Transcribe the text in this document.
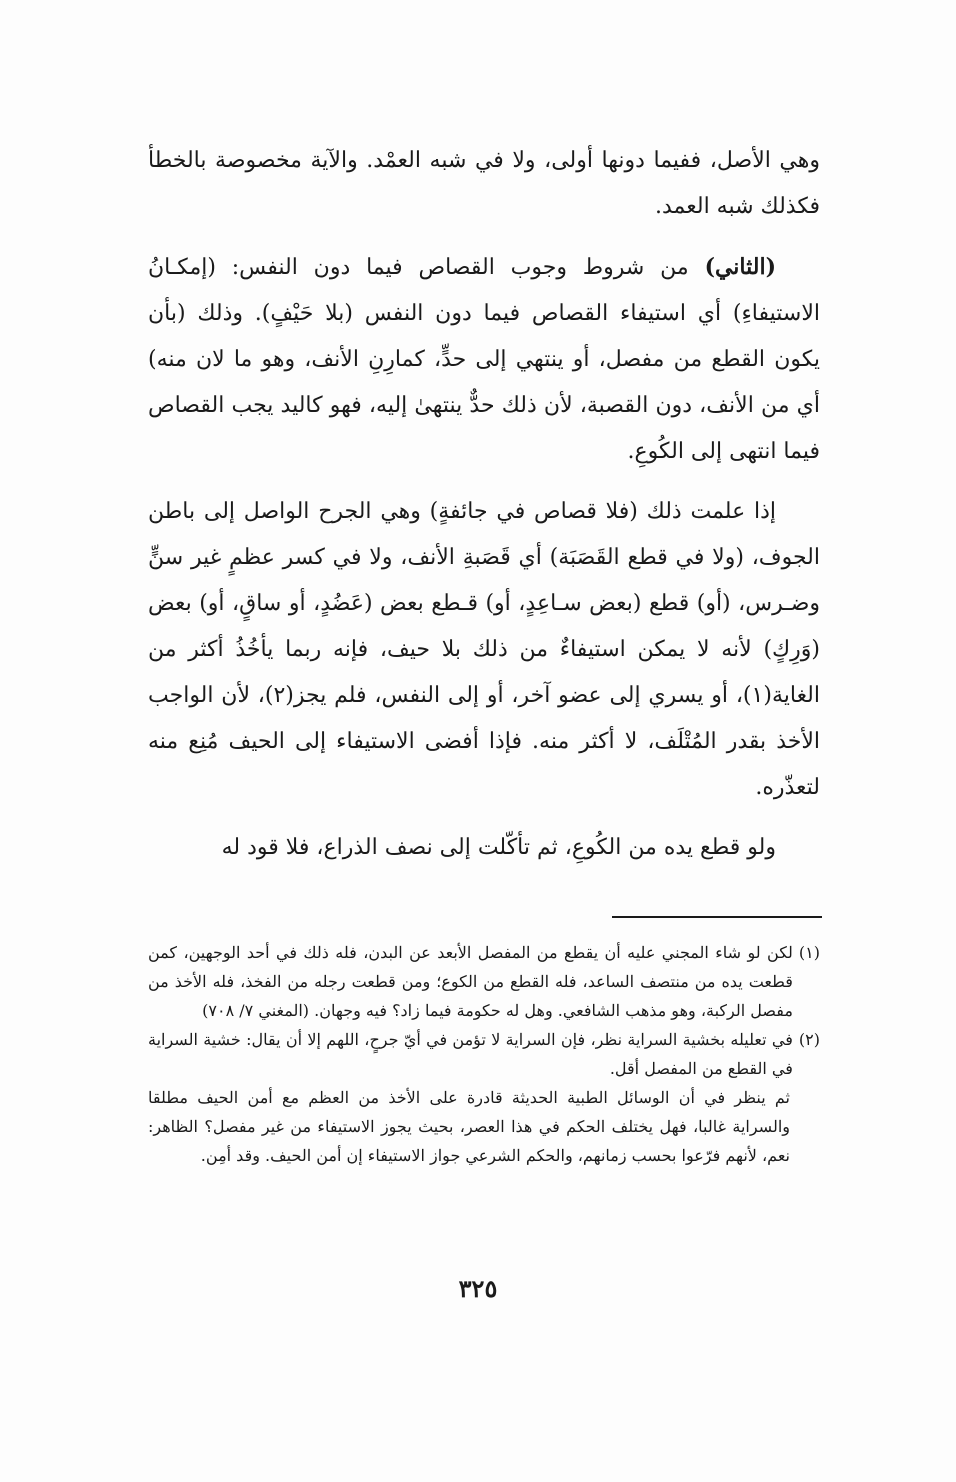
وهي الأصل، ففيما دونها أولى، ولا في شبه العمْد. والآية مخصوصة بالخطأ فكذلك شبه العمد.

(الثاني) من شروط وجوب القصاص فيما دون النفس: (إمكـانُ الاستيفاءِ) أي استيفاء القصاص فيما دون النفس (بلا حَيْفٍ). وذلك (بأن يكون القطع من مفصل، أو ينتهي إلى حدٍّ، كمارِنِ الأنف، وهو ما لان منه) أي من الأنف، دون القصبة، لأن ذلك حدٌّ ينتهىٰ إليه، فهو كاليد يجب القصاص فيما انتهى إلى الكُوعِ.

إذا علمت ذلك (فلا قصاص في جائفةٍ) وهي الجرح الواصل إلى باطن الجوف، (ولا في قطع القَصَبَة) أي قَصَبةِ الأنف، ولا في كسر عظمٍ غير سنٍّ وضـرس، (أو) قطع (بعض سـاعِدٍ، أو) قـطع بعض (عَضُدٍ، أو ساقٍ، أو) بعض (وَرِكٍ) لأنه لا يمكن استيفاءٌ من ذلك بلا حيف، فإنه ربما يأخُذُ أكثر من الغاية(١)، أو يسري إلى عضو آخر، أو إلى النفس، فلم يجز(٢)، لأن الواجب الأخذ بقدر المُتْلَف، لا أكثر منه. فإذا أفضى الاستيفاء إلى الحيف مُنِع منه لتعذّره.

ولو قطع يده من الكُوعِ، ثم تأكّلت إلى نصف الذراع، فلا قود له

(١)
لكن لو شاء المجني عليه أن يقطع من المفصل الأبعد عن البدن، فله ذلك في أحد الوجهين، كمن قطعت يده من منتصف الساعد، فله القطع من الكوع؛ ومن قطعت رجله من الفخذ، فله الأخذ من مفصل الركبة، وهو مذهب الشافعي. وهل له حكومة فيما زاد؟ فيه وجهان. (المغني ٧/ ٧٠٨)
(٢)
في تعليله بخشية السراية نظر، فإن السراية لا تؤمن في أيّ جرحٍ، اللهم إلا أن يقال: خشية السراية في القطع من المفصل أقل.
ثم ينظر في أن الوسائل الطبية الحديثة قادرة على الأخذ من العظم مع أمن الحيف مطلقا والسراية غالبا، فهل يختلف الحكم في هذا العصر، بحيث يجوز الاستيفاء من غير مفصل؟ الظاهر: نعم، لأنهم فرّعوا بحسب زمانهم، والحكم الشرعي جواز الاستيفاء إن أمن الحيف. وقد أمِن.
٣٢٥
